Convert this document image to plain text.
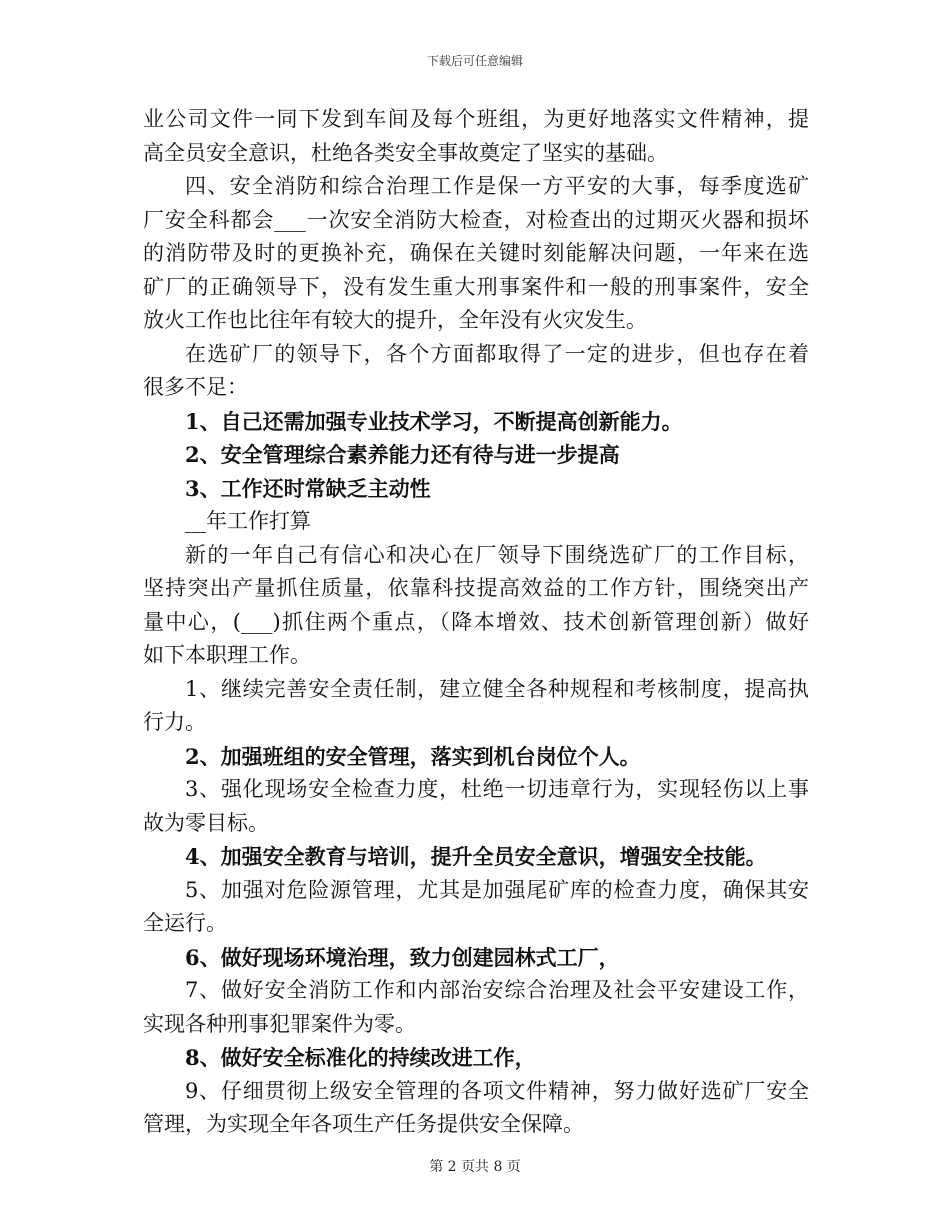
下载后可任意编辑
业公司文件一同下发到车间及每个班组，为更好地落实文件精神，提
高全员安全意识，杜绝各类安全事故奠定了坚实的基础。
四、安全消防和综合治理工作是保一方平安的大事，每季度选矿
厂安全科都会___一次安全消防大检查，对检查出的过期灭火器和损坏
的消防带及时的更换补充，确保在关键时刻能解决问题，一年来在选
矿厂的正确领导下，没有发生重大刑事案件和一般的刑事案件，安全
放火工作也比往年有较大的提升，全年没有火灾发生。
在选矿厂的领导下，各个方面都取得了一定的进步，但也存在着
很多不足：
1、自己还需加强专业技术学习，不断提高创新能力。
2、安全管理综合素养能力还有待与进一步提高
3、工作还时常缺乏主动性
__年工作打算
新的一年自己有信心和决心在厂领导下围绕选矿厂的工作目标，
坚持突出产量抓住质量，依靠科技提高效益的工作方针，围绕突出产
量中心，(___)抓住两个重点，（降本增效、技术创新管理创新）做好
如下本职理工作。
1、继续完善安全责任制，建立健全各种规程和考核制度，提高执
行力。
2、加强班组的安全管理，落实到机台岗位个人。
3、强化现场安全检查力度，杜绝一切违章行为，实现轻伤以上事
故为零目标。
4、加强安全教育与培训，提升全员安全意识，增强安全技能。
5、加强对危险源管理，尤其是加强尾矿库的检查力度，确保其安
全运行。
6、做好现场环境治理，致力创建园林式工厂，
7、做好安全消防工作和内部治安综合治理及社会平安建设工作，
实现各种刑事犯罪案件为零。
8、做好安全标准化的持续改进工作，
9、仔细贯彻上级安全管理的各项文件精神，努力做好选矿厂安全
管理，为实现全年各项生产任务提供安全保障。
第 2 页共 8 页
